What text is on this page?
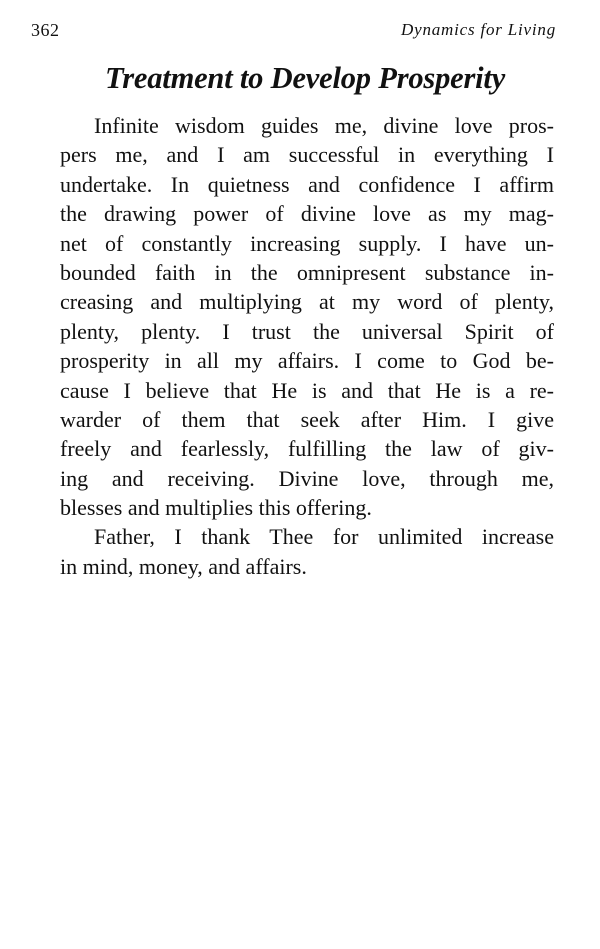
362	Dynamics for Living
Treatment to Develop Prosperity
Infinite wisdom guides me, divine love pros-
pers me, and I am successful in everything I
undertake. In quietness and confidence I affirm
the drawing power of divine love as my mag-
net of constantly increasing supply. I have un-
bounded faith in the omnipresent substance in-
creasing and multiplying at my word of plenty,
plenty, plenty. I trust the universal Spirit of
prosperity in all my affairs. I come to God be-
cause I believe that He is and that He is a re-
warder of them that seek after Him. I give
freely and fearlessly, fulfilling the law of giv-
ing and receiving. Divine love, through me,
blesses and multiplies this offering.
Father, I thank Thee for unlimited increase
in mind, money, and affairs.
